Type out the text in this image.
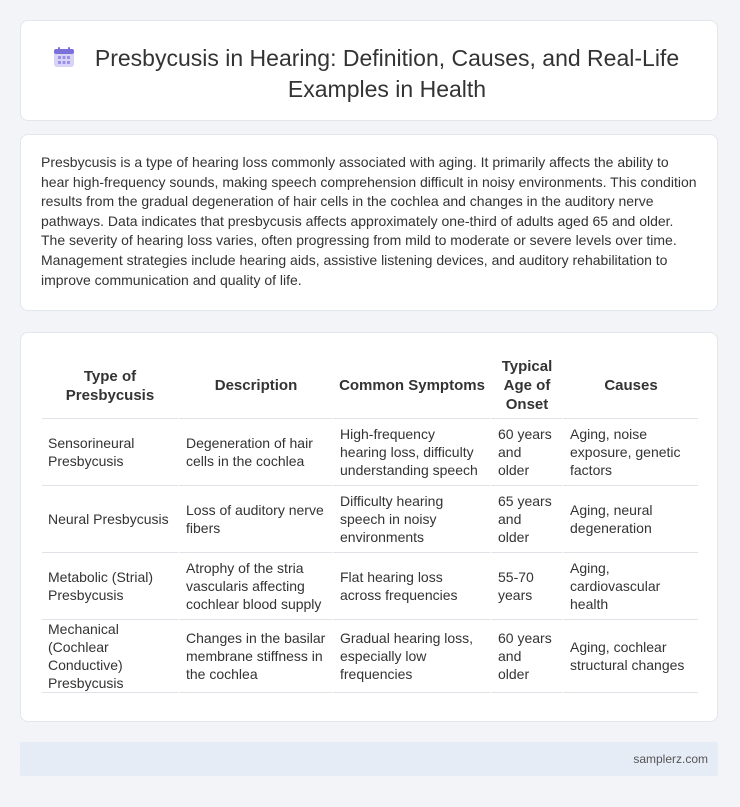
Presbycusis in Hearing: Definition, Causes, and Real-Life Examples in Health

Presbycusis is a type of hearing loss commonly associated with aging. It primarily affects the ability to hear high-frequency sounds, making speech comprehension difficult in noisy environments. This condition results from the gradual degeneration of hair cells in the cochlea and changes in the auditory nerve pathways. Data indicates that presbycusis affects approximately one-third of adults aged 65 and older. The severity of hearing loss varies, often progressing from mild to moderate or severe levels over time. Management strategies include hearing aids, assistive listening devices, and auditory rehabilitation to improve communication and quality of life.

Type of Presbycusis	Description	Common Symptoms	Typical Age of Onset	Causes
Sensorineural Presbycusis	Degeneration of hair cells in the cochlea	High-frequency hearing loss, difficulty understanding speech	60 years and older	Aging, noise exposure, genetic factors
Neural Presbycusis	Loss of auditory nerve fibers	Difficulty hearing speech in noisy environments	65 years and older	Aging, neural degeneration
Metabolic (Strial) Presbycusis	Atrophy of the stria vascularis affecting cochlear blood supply	Flat hearing loss across frequencies	55-70 years	Aging, cardiovascular health
Mechanical (Cochlear Conductive) Presbycusis	Changes in the basilar membrane stiffness in the cochlea	Gradual hearing loss, especially low frequencies	60 years and older	Aging, cochlear structural changes
samplerz.com
